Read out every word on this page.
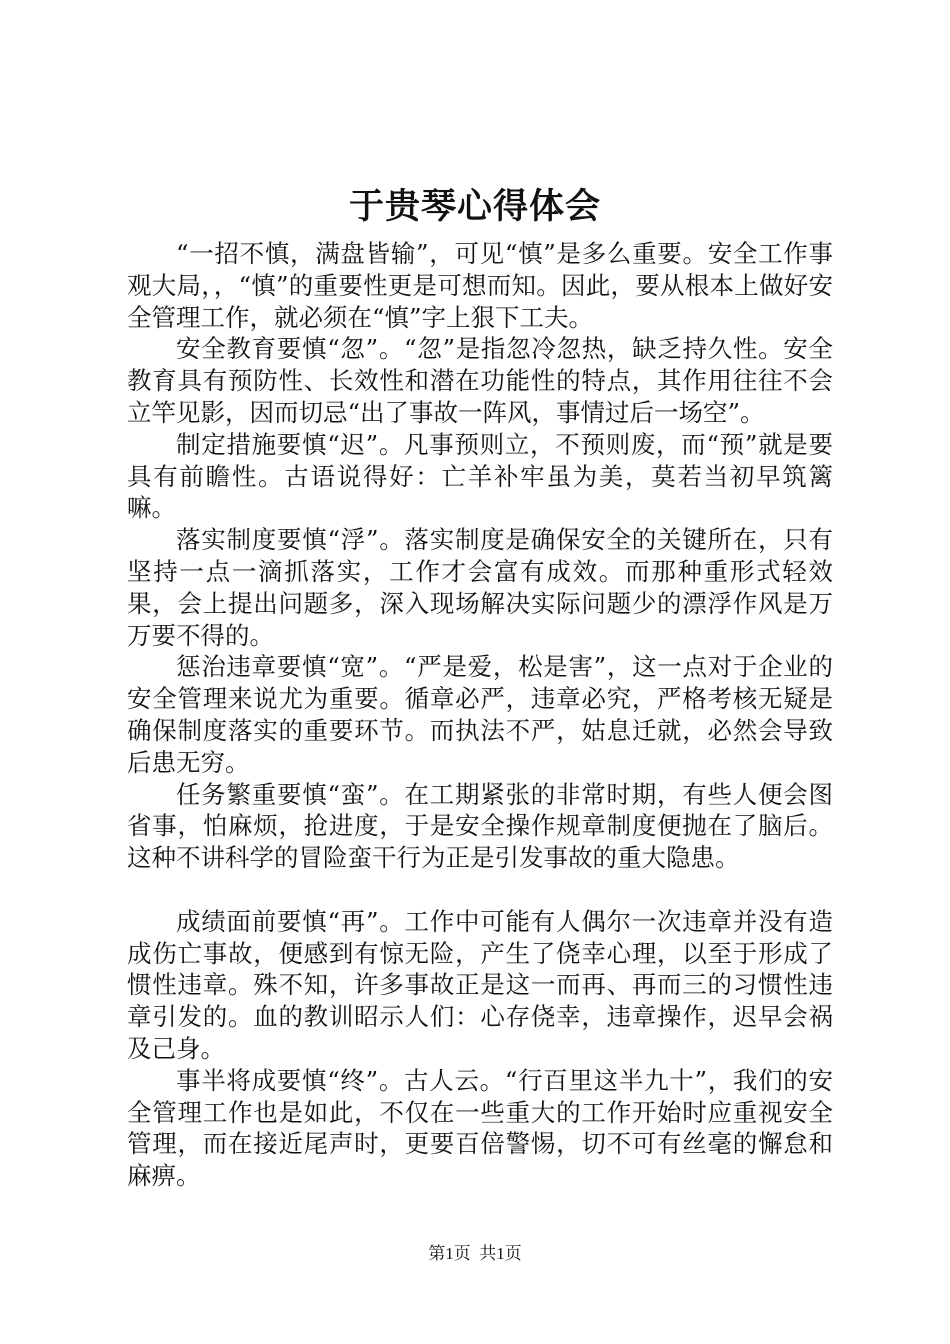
于贵琴心得体会

“一招不慎，满盘皆输”，可见“慎”是多么重要。安全工作事观大局，，“慎”的重要性更是可想而知。因此，要从根本上做好安全管理工作，就必须在“慎”字上狠下工夫。

安全教育要慎“忽”。“忽”是指忽冷忽热，缺乏持久性。安全教育具有预防性、长效性和潜在功能性的特点，其作用往往不会立竿见影，因而切忌“出了事故一阵风，事情过后一场空”。

制定措施要慎“迟”。凡事预则立，不预则废，而“预”就是要具有前瞻性。古语说得好：亡羊补牢虽为美，莫若当初早筑篱嘛。

落实制度要慎“浮”。落实制度是确保安全的关键所在，只有坚持一点一滴抓落实，工作才会富有成效。而那种重形式轻效果，会上提出问题多，深入现场解决实际问题少的漂浮作风是万万要不得的。

惩治违章要慎“宽”。“严是爱，松是害”，这一点对于企业的安全管理来说尤为重要。循章必严，违章必究，严格考核无疑是确保制度落实的重要环节。而执法不严，姑息迁就，必然会导致后患无穷。

任务繁重要慎“蛮”。在工期紧张的非常时期，有些人便会图省事，怕麻烦，抢进度，于是安全操作规章制度便抛在了脑后。这种不讲科学的冒险蛮干行为正是引发事故的重大隐患。

成绩面前要慎“再”。工作中可能有人偶尔一次违章并没有造成伤亡事故，便感到有惊无险，产生了侥幸心理，以至于形成了惯性违章。殊不知，许多事故正是这一而再、再而三的习惯性违章引发的。血的教训昭示人们：心存侥幸，违章操作，迟早会祸及己身。

事半将成要慎“终”。古人云。“行百里这半九十”，我们的安全管理工作也是如此，不仅在一些重大的工作开始时应重视安全管理，而在接近尾声时，更要百倍警惕，切不可有丝毫的懈怠和麻痹。

第1页 共1页
